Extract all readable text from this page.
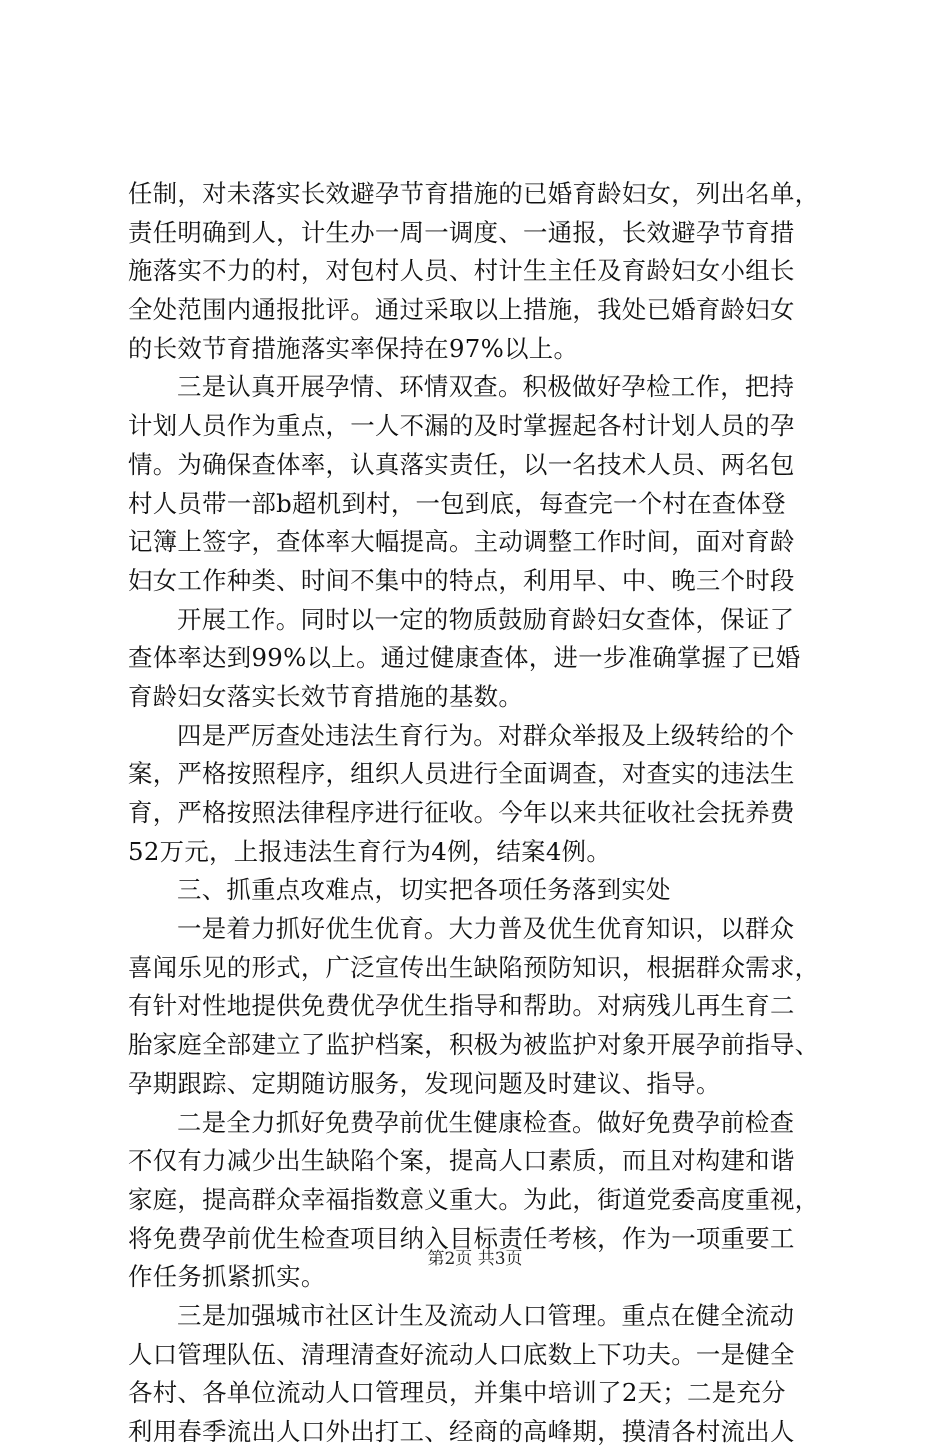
任制，对未落实长效避孕节育措施的已婚育龄妇女，列出名单，
责任明确到人，计生办一周一调度、一通报，长效避孕节育措
施落实不力的村，对包村人员、村计生主任及育龄妇女小组长
全处范围内通报批评。通过采取以上措施，我处已婚育龄妇女
的长效节育措施落实率保持在97%以上。
三是认真开展孕情、环情双查。积极做好孕检工作，把持
计划人员作为重点，一人不漏的及时掌握起各村计划人员的孕
情。为确保查体率，认真落实责任，以一名技术人员、两名包
村人员带一部b超机到村，一包到底，每查完一个村在查体登
记簿上签字，查体率大幅提高。主动调整工作时间，面对育龄
妇女工作种类、时间不集中的特点，利用早、中、晚三个时段
开展工作。同时以一定的物质鼓励育龄妇女查体，保证了
查体率达到99%以上。通过健康查体，进一步准确掌握了已婚
育龄妇女落实长效节育措施的基数。
四是严厉查处违法生育行为。对群众举报及上级转给的个
案，严格按照程序，组织人员进行全面调查，对查实的违法生
育，严格按照法律程序进行征收。今年以来共征收社会抚养费
52万元，上报违法生育行为4例，结案4例。
三、抓重点攻难点，切实把各项任务落到实处
一是着力抓好优生优育。大力普及优生优育知识，以群众
喜闻乐见的形式，广泛宣传出生缺陷预防知识，根据群众需求，
有针对性地提供免费优孕优生指导和帮助。对病残儿再生育二
胎家庭全部建立了监护档案，积极为被监护对象开展孕前指导、
孕期跟踪、定期随访服务，发现问题及时建议、指导。
二是全力抓好免费孕前优生健康检查。做好免费孕前检查
不仅有力减少出生缺陷个案，提高人口素质，而且对构建和谐
家庭，提高群众幸福指数意义重大。为此，街道党委高度重视，
将免费孕前优生检查项目纳入目标责任考核，作为一项重要工
作任务抓紧抓实。
三是加强城市社区计生及流动人口管理。重点在健全流动
人口管理队伍、清理清查好流动人口底数上下功夫。一是健全
各村、各单位流动人口管理员，并集中培训了2天；二是充分
利用春季流出人口外出打工、经商的高峰期，摸清各村流出人
第2页 共3页
